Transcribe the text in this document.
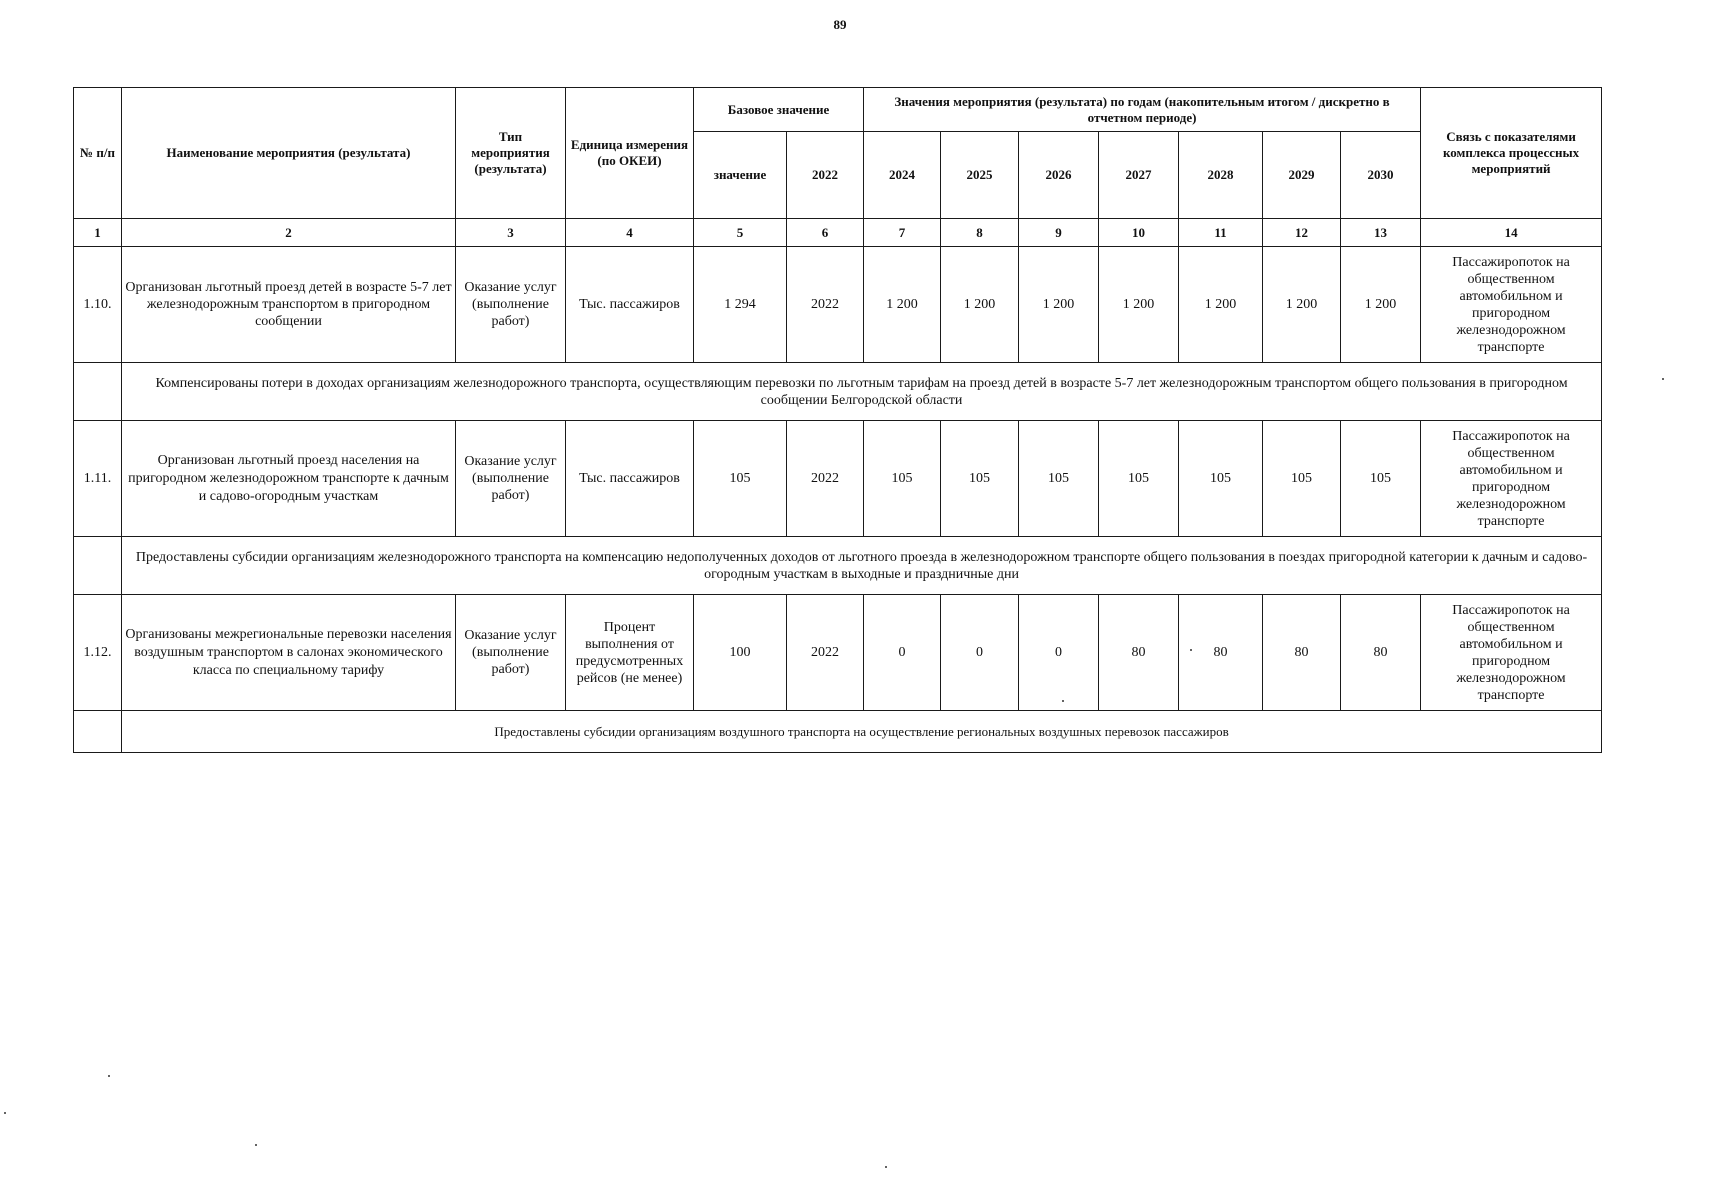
89
№ п/п	Наименование мероприятия (результата)	Тип мероприятия (результата)	Единица измерения (по ОКЕИ)	Базовое значение		Значения мероприятия (результата) по годам (накопительным итогом / дискретно в отчетном периоде)							Связь с показателями комплекса процессных мероприятий
				значение	2022	2024	2025	2026	2027	2028	2029	2030	
1	2	3	4	5	6	7	8	9	10	11	12	13	14
1.10.	Организован льготный проезд детей в возрасте 5-7 лет железнодорожным транспортом в пригородном сообщении	Оказание услуг (выполнение работ)	Тыс. пассажиров	1 294	2022	1 200	1 200	1 200	1 200	1 200	1 200	1 200	Пассажиропоток на общественном автомобильном и пригородном железнодорожном транспорте
	Компенсированы потери в доходах организациям железнодорожного транспорта, осуществляющим перевозки по льготным тарифам на проезд детей в возрасте 5-7 лет железнодорожным транспортом общего пользования в пригородном сообщении Белгородской области												
1.11.	Организован льготный проезд населения на пригородном железнодорожном транспорте к дачным и садово-огородным участкам	Оказание услуг (выполнение работ)	Тыс. пассажиров	105	2022	105	105	105	105	105	105	105	Пассажиропоток на общественном автомобильном и пригородном железнодорожном транспорте
	Предоставлены субсидии организациям железнодорожного транспорта на компенсацию недополученных доходов от льготного проезда в железнодорожном транспорте общего пользования в поездах пригородной категории к дачным и садово-огородным участкам в выходные и праздничные дни												
1.12.	Организованы межрегиональные перевозки населения воздушным транспортом в салонах экономического класса по специальному тарифу	Оказание услуг (выполнение работ)	Процент выполнения от предусмотренных рейсов (не менее)	100	2022	0	0	0	80	80	80	80	Пассажиропоток на общественном автомобильном и пригородном железнодорожном транспорте
	Предоставлены субсидии организациям воздушного транспорта на осуществление региональных воздушных перевозок пассажиров												
